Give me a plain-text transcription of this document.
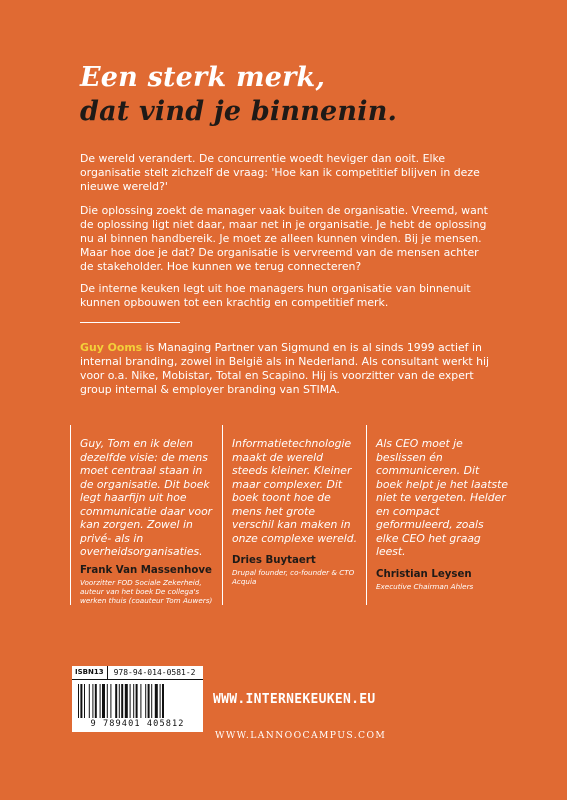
Een sterk merk,
dat vind je binnenin.

De wereld verandert. De concurrentie woedt heviger dan ooit. Elke organisatie stelt zichzelf de vraag: 'Hoe kan ik competitief blijven in deze nieuwe wereld?'

Die oplossing zoekt de manager vaak buiten de organisatie. Vreemd, want de oplossing ligt niet daar, maar net in je organisatie. Je hebt de oplossing nu al binnen handbereik. Je moet ze alleen kunnen vinden. Bij je mensen.

Maar hoe doe je dat? De organisatie is vervreemd van de mensen achter de stakeholder. Hoe kunnen we terug connecteren?

De interne keuken legt uit hoe managers hun organisatie van binnenuit kunnen opbouwen tot een krachtig en competitief merk.

Guy Ooms is Managing Partner van Sigmund en is al sinds 1999 actief in internal branding, zowel in België als in Nederland. Als consultant werkt hij voor o.a. Nike, Mobistar, Total en Scapino. Hij is voorzitter van de expert group internal & employer branding van STIMA.
Guy, Tom en ik delen dezelfde visie: de mens moet centraal staan in de organisatie. Dit boek legt haarfijn uit hoe communicatie daar voor kan zorgen. Zowel in privé- als in overheidsorganisaties.
Frank Van Massenhove
Voorzitter FOD Sociale Zekerheid, auteur van het boek De collega's werken thuis (coauteur Tom Auwers)
Informatietechnologie maakt de wereld steeds kleiner. Kleiner maar complexer. Dit boek toont hoe de mens het grote verschil kan maken in onze complexe wereld.
Dries Buytaert
Drupal founder, co-founder & CTO Acquia
Als CEO moet je beslissen én communiceren. Dit boek helpt je het laatste niet te vergeten. Helder en compact geformuleerd, zoals elke CEO het graag leest.
Christian Leysen
Executive Chairman Ahlers
ISBN13	978-94-014-0581-2
9 789401 405812
WWW.INTERNEKEUKEN.EU
WWW.LANNOOCAMPUS.COM
